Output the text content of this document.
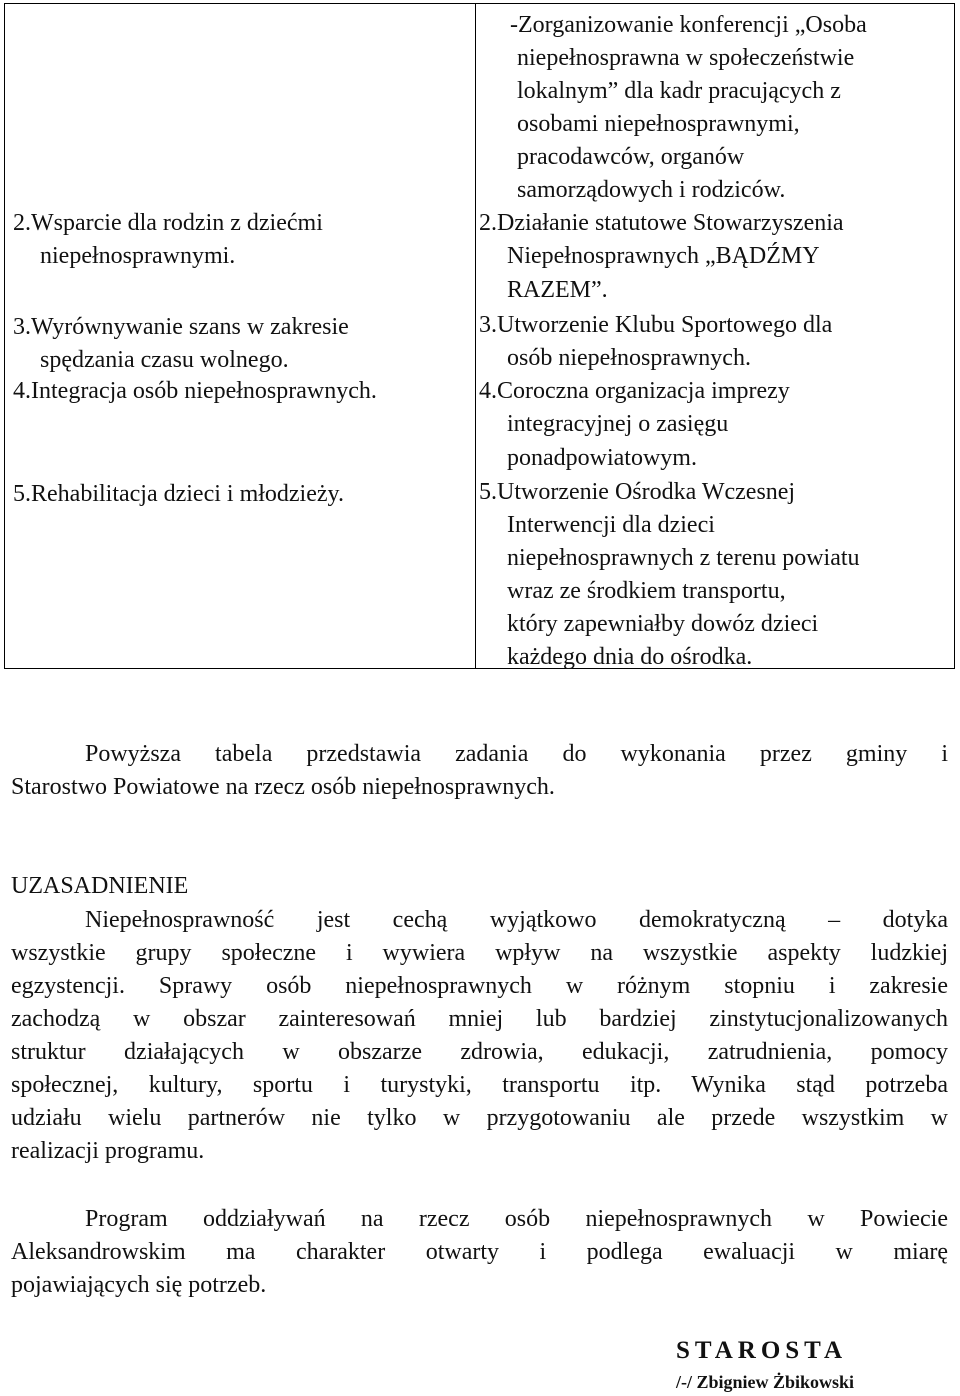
2.Wsparcie dla rodzin z dziećmi
niepełnosprawnymi.
3.Wyrównywanie szans w zakresie
spędzania czasu wolnego.
4.Integracja osób niepełnosprawnych.
5.Rehabilitacja dzieci i młodzieży.
-Zorganizowanie konferencji „Osoba
niepełnosprawna w społeczeństwie
lokalnym” dla kadr pracujących z
osobami niepełnosprawnymi,
pracodawców, organów
samorządowych i rodziców.
2.Działanie statutowe Stowarzyszenia
Niepełnosprawnych „BĄDŹMY
RAZEM”.
3.Utworzenie Klubu Sportowego dla
osób niepełnosprawnych.
4.Coroczna organizacja imprezy
integracyjnej o zasięgu
ponadpowiatowym.
5.Utworzenie Ośrodka Wczesnej
Interwencji dla dzieci
niepełnosprawnych z terenu powiatu
wraz ze środkiem transportu,
który zapewniałby dowóz dzieci
każdego dnia do ośrodka.
Powyższa tabela przedstawia zadania do wykonania przez gminy i
Starostwo Powiatowe na rzecz osób niepełnosprawnych.
UZASADNIENIE
Niepełnosprawność jest cechą wyjątkowo demokratyczną – dotyka
wszystkie grupy społeczne i wywiera wpływ na wszystkie aspekty ludzkiej
egzystencji. Sprawy osób niepełnosprawnych w różnym stopniu i zakresie
zachodzą w obszar zainteresowań mniej lub bardziej zinstytucjonalizowanych
struktur działających w obszarze zdrowia, edukacji, zatrudnienia, pomocy
społecznej, kultury, sportu i turystyki, transportu itp. Wynika stąd potrzeba
udziału wielu partnerów nie tylko w przygotowaniu ale przede wszystkim w
realizacji programu.
Program oddziaływań na rzecz osób niepełnosprawnych w Powiecie
Aleksandrowskim ma charakter otwarty i podlega ewaluacji w miarę
pojawiających się potrzeb.
STAROSTA
/-/ Zbigniew Żbikowski
